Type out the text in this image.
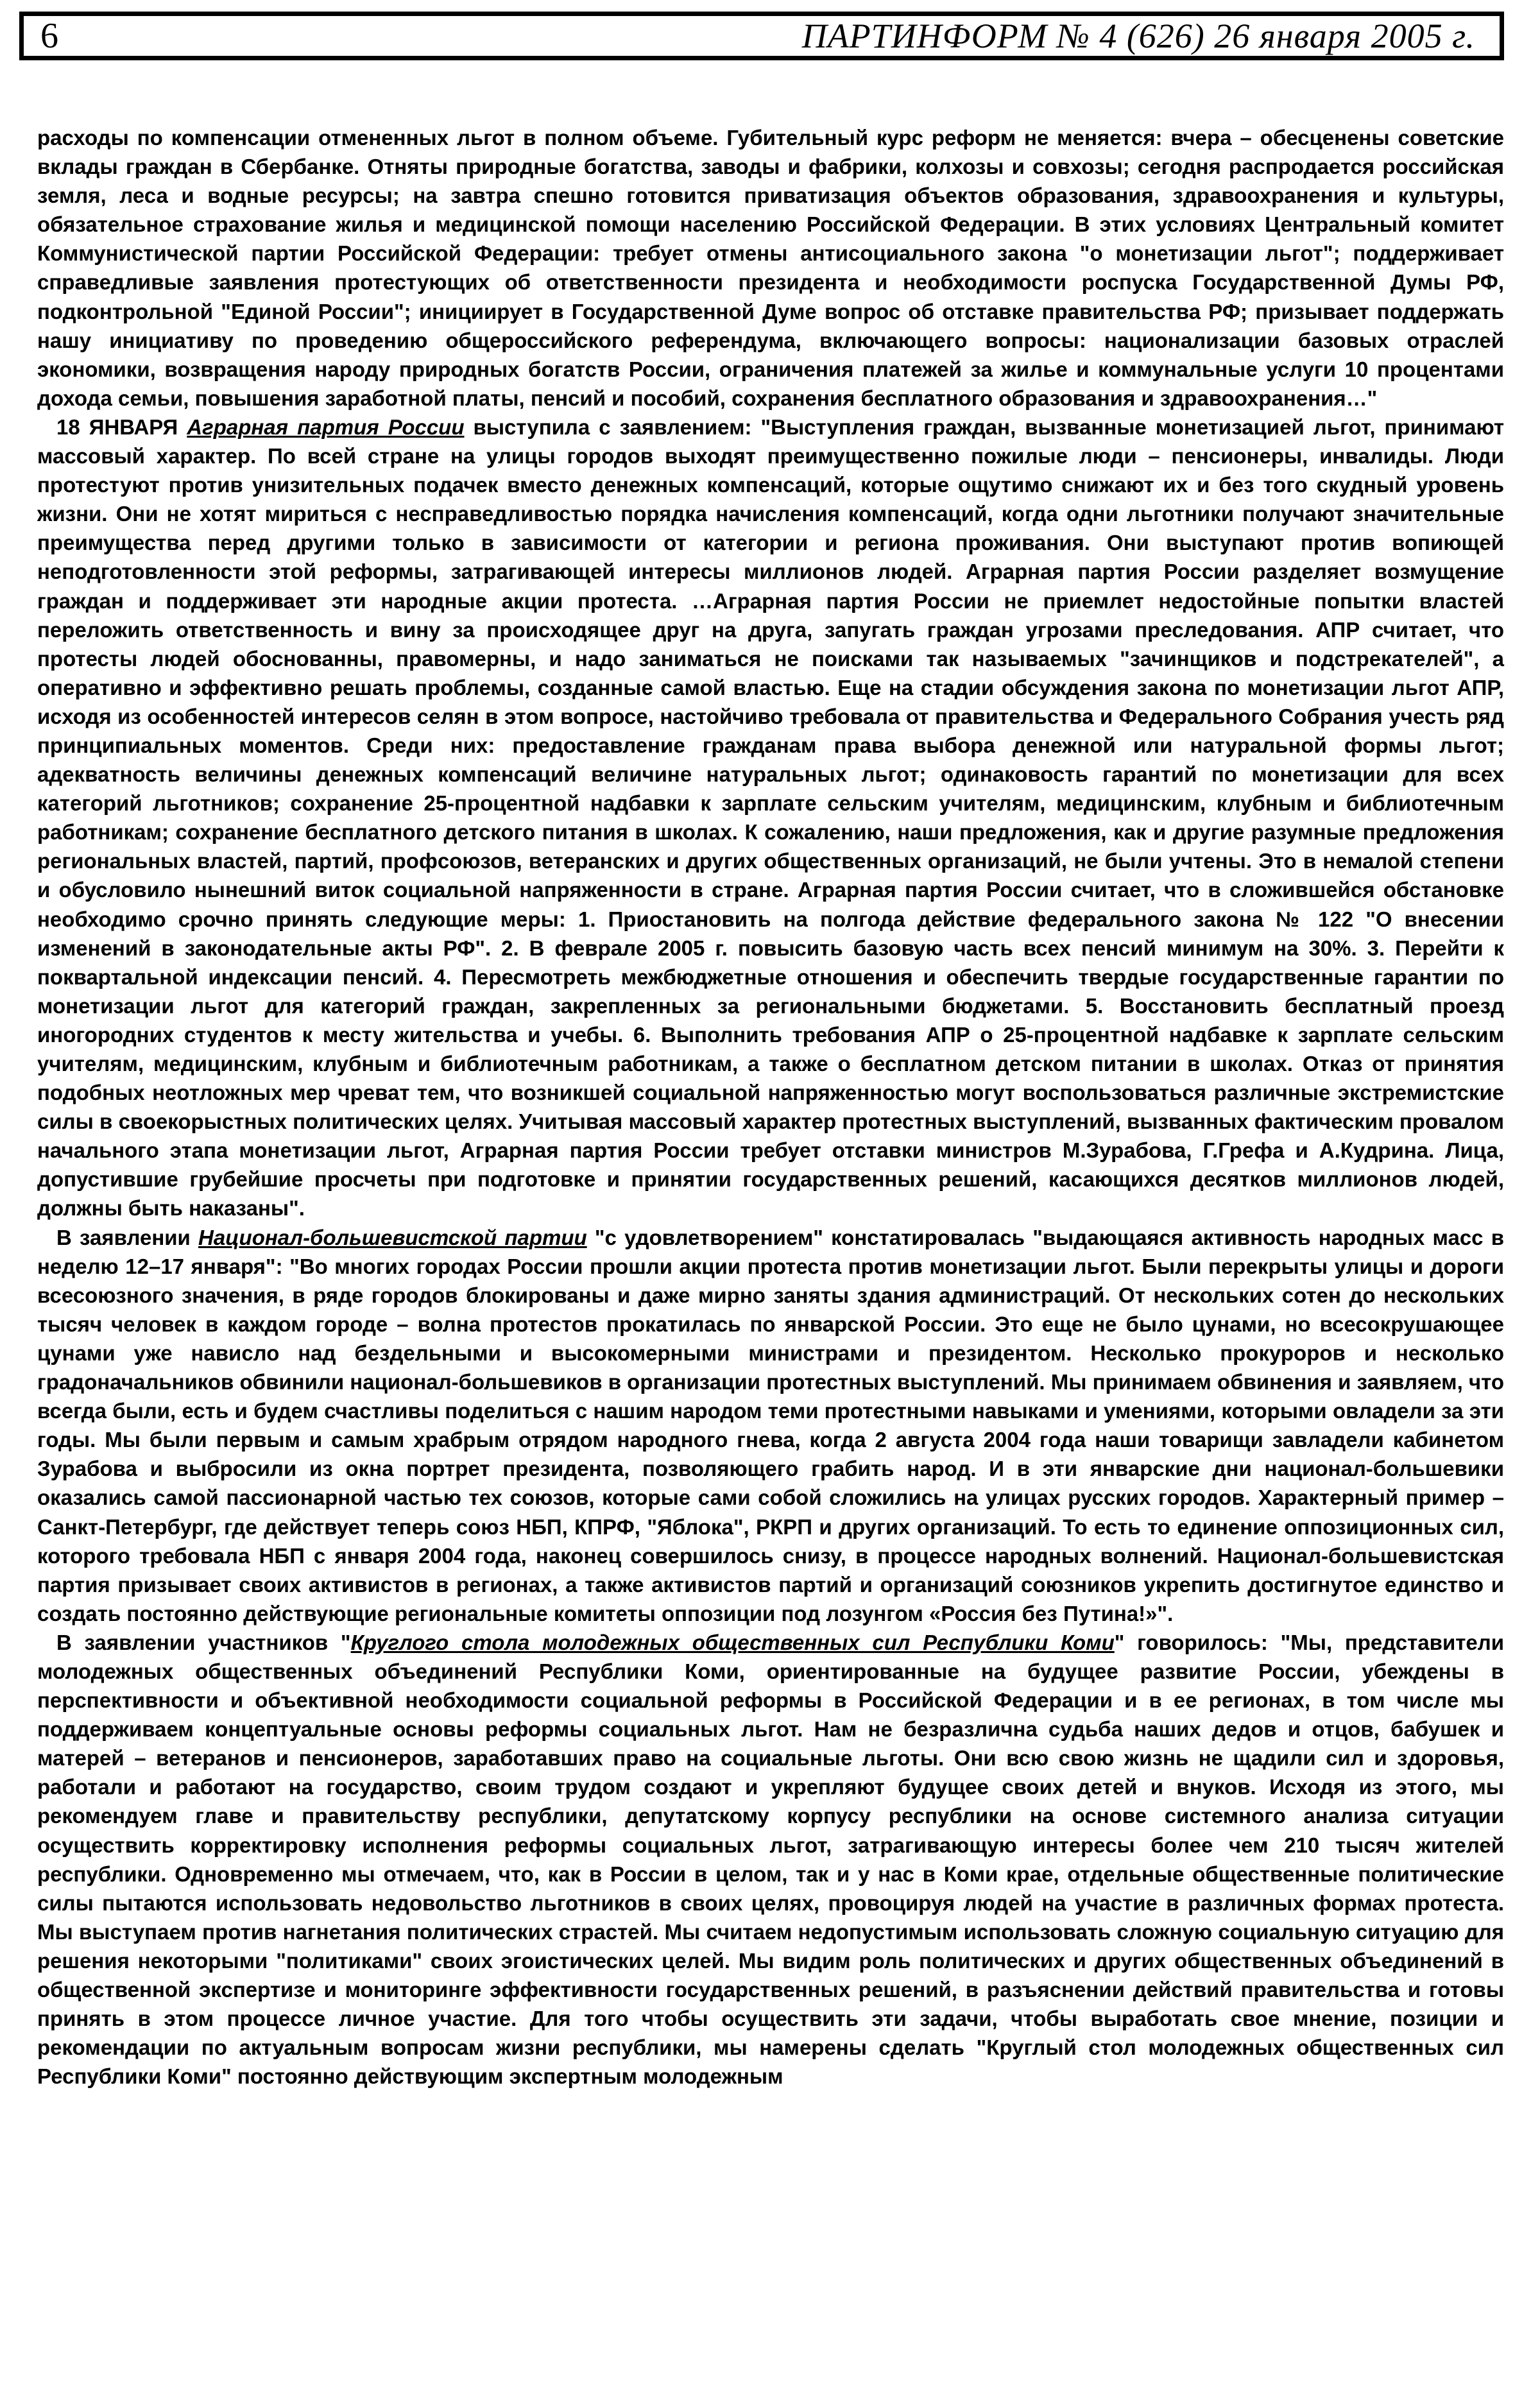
6	ПАРТИНФОРМ № 4 (626) 26 января 2005 г.

расходы по компенсации отмененных льгот в полном объеме. Губительный курс реформ не меняется: вчера – обесценены советские вклады граждан в Сбербанке. Отняты природные богатства, заводы и фабрики, колхозы и совхозы; сегодня распродается российская земля, леса и водные ресурсы; на завтра спешно готовится приватизация объектов образования, здравоохранения и культуры, обязательное страхование жилья и медицинской помощи населению Российской Федерации. В этих условиях Центральный комитет Коммунистической партии Российской Федерации: требует отмены антисоциального закона "о монетизации льгот"; поддерживает справедливые заявления протестующих об ответственности президента и необходимости роспуска Государственной Думы РФ, подконтрольной "Единой России"; инициирует в Государственной Думе вопрос об отставке правительства РФ; призывает поддержать нашу инициативу по проведению общероссийского референдума, включающего вопросы: национализации базовых отраслей экономики, возвращения народу природных богатств России, ограничения платежей за жилье и коммунальные услуги 10 процентами дохода семьи, повышения заработной платы, пенсий и пособий, сохранения бесплатного образования и здравоохранения…"

18 ЯНВАРЯ Аграрная партия России выступила с заявлением: "Выступления граждан, вызванные монетизацией льгот, принимают массовый характер. По всей стране на улицы городов выходят преимущественно пожилые люди – пенсионеры, инвалиды. Люди протестуют против унизительных подачек вместо денежных компенсаций, которые ощутимо снижают их и без того скудный уровень жизни. Они не хотят мириться с несправедливостью порядка начисления компенсаций, когда одни льготники получают значительные преимущества перед другими только в зависимости от категории и региона проживания. Они выступают против вопиющей неподготовленности этой реформы, затрагивающей интересы миллионов людей. Аграрная партия России разделяет возмущение граждан и поддерживает эти народные акции протеста. …Аграрная партия России не приемлет недостойные попытки властей переложить ответственность и вину за происходящее друг на друга, запугать граждан угрозами преследования. АПР считает, что протесты людей обоснованны, правомерны, и надо заниматься не поисками так называемых "зачинщиков и подстрекателей", а оперативно и эффективно решать проблемы, созданные самой властью. Еще на стадии обсуждения закона по монетизации льгот АПР, исходя из особенностей интересов селян в этом вопросе, настойчиво требовала от правительства и Федерального Собрания учесть ряд принципиальных моментов. Среди них: предоставление гражданам права выбора денежной или натуральной формы льгот; адекватность величины денежных компенсаций величине натуральных льгот; одинаковость гарантий по монетизации для всех категорий льготников; сохранение 25-процентной надбавки к зарплате сельским учителям, медицинским, клубным и библиотечным работникам; сохранение бесплатного детского питания в школах. К сожалению, наши предложения, как и другие разумные предложения региональных властей, партий, профсоюзов, ветеранских и других общественных организаций, не были учтены. Это в немалой степени и обусловило нынешний виток социальной напряженности в стране. Аграрная партия России считает, что в сложившейся обстановке необходимо срочно принять следующие меры: 1. Приостановить на полгода действие федерального закона № 122 "О внесении изменений в законодательные акты РФ". 2. В феврале 2005 г. повысить базовую часть всех пенсий минимум на 30%. 3. Перейти к поквартальной индексации пенсий. 4. Пересмотреть межбюджетные отношения и обеспечить твердые государственные гарантии по монетизации льгот для категорий граждан, закрепленных за региональными бюджетами. 5. Восстановить бесплатный проезд иногородних студентов к месту жительства и учебы. 6. Выполнить требования АПР о 25-процентной надбавке к зарплате сельским учителям, медицинским, клубным и библиотечным работникам, а также о бесплатном детском питании в школах. Отказ от принятия подобных неотложных мер чреват тем, что возникшей социальной напряженностью могут воспользоваться различные экстремистские силы в своекорыстных политических целях. Учитывая массовый характер протестных выступлений, вызванных фактическим провалом начального этапа монетизации льгот, Аграрная партия России требует отставки министров М.Зурабова, Г.Грефа и А.Кудрина. Лица, допустившие грубейшие просчеты при подготовке и принятии государственных решений, касающихся десятков миллионов людей, должны быть наказаны".

В заявлении Национал-большевистской партии "с удовлетворением" констатировалась "выдающаяся активность народных масс в неделю 12–17 января": "Во многих городах России прошли акции протеста против монетизации льгот. Были перекрыты улицы и дороги всесоюзного значения, в ряде городов блокированы и даже мирно заняты здания администраций. От нескольких сотен до нескольких тысяч человек в каждом городе – волна протестов прокатилась по январской России. Это еще не было цунами, но всесокрушающее цунами уже нависло над бездельными и высокомерными министрами и президентом. Несколько прокуроров и несколько градоначальников обвинили национал-большевиков в организации протестных выступлений. Мы принимаем обвинения и заявляем, что всегда были, есть и будем счастливы поделиться с нашим народом теми протестными навыками и умениями, которыми овладели за эти годы. Мы были первым и самым храбрым отрядом народного гнева, когда 2 августа 2004 года наши товарищи завладели кабинетом Зурабова и выбросили из окна портрет президента, позволяющего грабить народ. И в эти январские дни национал-большевики оказались самой пассионарной частью тех союзов, которые сами собой сложились на улицах русских городов. Характерный пример – Санкт-Петербург, где действует теперь союз НБП, КПРФ, "Яблока", РКРП и других организаций. То есть то единение оппозиционных сил, которого требовала НБП с января 2004 года, наконец совершилось снизу, в процессе народных волнений. Национал-большевистская партия призывает своих активистов в регионах, а также активистов партий и организаций союзников укрепить достигнутое единство и создать постоянно действующие региональные комитеты оппозиции под лозунгом «Россия без Путина!»".

В заявлении участников "Круглого стола молодежных общественных сил Республики Коми" говорилось: "Мы, представители молодежных общественных объединений Республики Коми, ориентированные на будущее развитие России, убеждены в перспективности и объективной необходимости социальной реформы в Российской Федерации и в ее регионах, в том числе мы поддерживаем концептуальные основы реформы социальных льгот. Нам не безразлична судьба наших дедов и отцов, бабушек и матерей – ветеранов и пенсионеров, заработавших право на социальные льготы. Они всю свою жизнь не щадили сил и здоровья, работали и работают на государство, своим трудом создают и укрепляют будущее своих детей и внуков. Исходя из этого, мы рекомендуем главе и правительству республики, депутатскому корпусу республики на основе системного анализа ситуации осуществить корректировку исполнения реформы социальных льгот, затрагивающую интересы более чем 210 тысяч жителей республики. Одновременно мы отмечаем, что, как в России в целом, так и у нас в Коми крае, отдельные общественные политические силы пытаются использовать недовольство льготников в своих целях, провоцируя людей на участие в различных формах протеста. Мы выступаем против нагнетания политических страстей. Мы считаем недопустимым использовать сложную социальную ситуацию для решения некоторыми "политиками" своих эгоистических целей. Мы видим роль политических и других общественных объединений в общественной экспертизе и мониторинге эффективности государственных решений, в разъяснении действий правительства и готовы принять в этом процессе личное участие. Для того чтобы осуществить эти задачи, чтобы выработать свое мнение, позиции и рекомендации по актуальным вопросам жизни республики, мы намерены сделать "Круглый стол молодежных общественных сил Республики Коми" постоянно действующим экспертным молодежным
